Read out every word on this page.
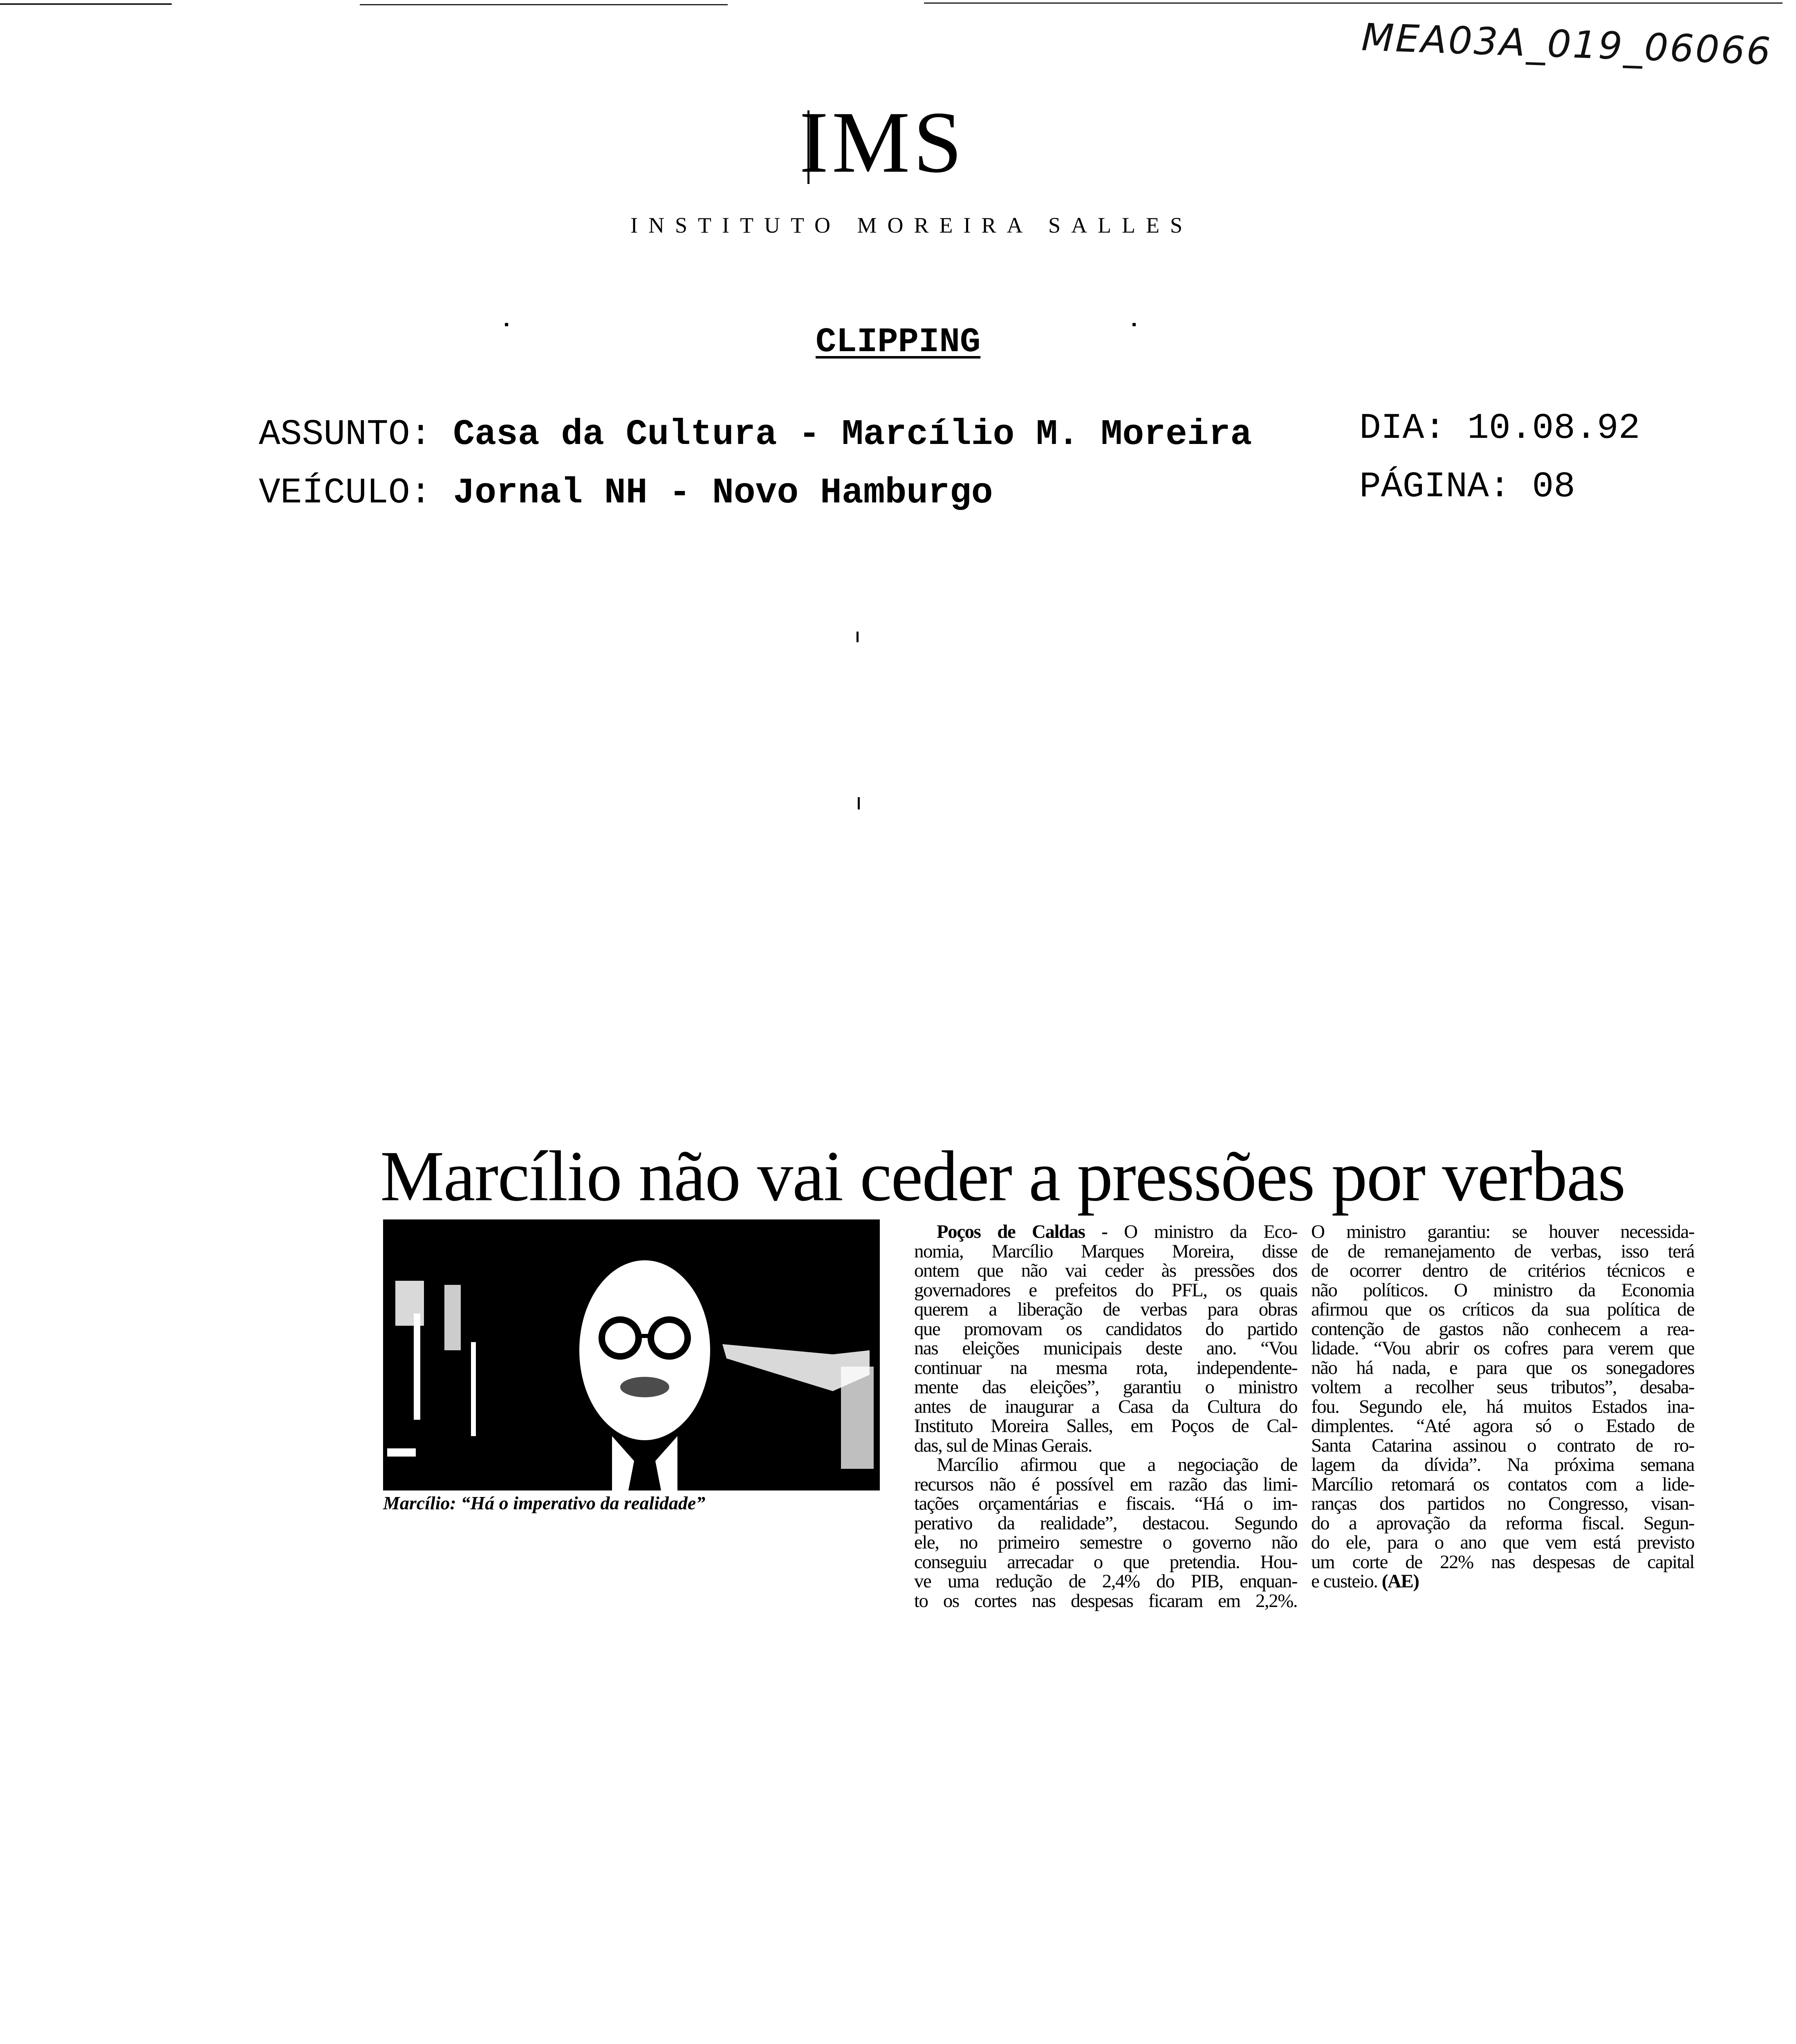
MEA03A_019_06066
IMS
INSTITUTO MOREIRA SALLES
CLIPPING
ASSUNTO: Casa da Cultura - Marcílio M. Moreira
VEÍCULO: Jornal NH - Novo Hamburgo
DIA: 10.08.92
PÁGINA: 08
Marcílio não vai ceder a pressões por verbas
Marcílio: “Há o imperativo da realidade”
Poços de Caldas - O ministro da Eco-
nomia, Marcílio Marques Moreira, disse
ontem que não vai ceder às pressões dos
governadores e prefeitos do PFL, os quais
querem a liberação de verbas para obras
que promovam os candidatos do partido
nas eleições municipais deste ano. “Vou
continuar na mesma rota, independente-
mente das eleições”, garantiu o ministro
antes de inaugurar a Casa da Cultura do
Instituto Moreira Salles, em Poços de Cal-
das, sul de Minas Gerais.
Marcílio afirmou que a negociação de
recursos não é possível em razão das limi-
tações orçamentárias e fiscais. “Há o im-
perativo da realidade”, destacou. Segundo
ele, no primeiro semestre o governo não
conseguiu arrecadar o que pretendia. Hou-
ve uma redução de 2,4% do PIB, enquan-
to os cortes nas despesas ficaram em 2,2%.
O ministro garantiu: se houver necessida-
de de remanejamento de verbas, isso terá
de ocorrer dentro de critérios técnicos e
não políticos. O ministro da Economia
afirmou que os críticos da sua política de
contenção de gastos não conhecem a rea-
lidade. “Vou abrir os cofres para verem que
não há nada, e para que os sonegadores
voltem a recolher seus tributos”, desaba-
fou. Segundo ele, há muitos Estados ina-
dimplentes. “Até agora só o Estado de
Santa Catarina assinou o contrato de ro-
lagem da dívida”. Na próxima semana
Marcílio retomará os contatos com a lide-
ranças dos partidos no Congresso, visan-
do a aprovação da reforma fiscal. Segun-
do ele, para o ano que vem está previsto
um corte de 22% nas despesas de capital
e custeio. (AE)
